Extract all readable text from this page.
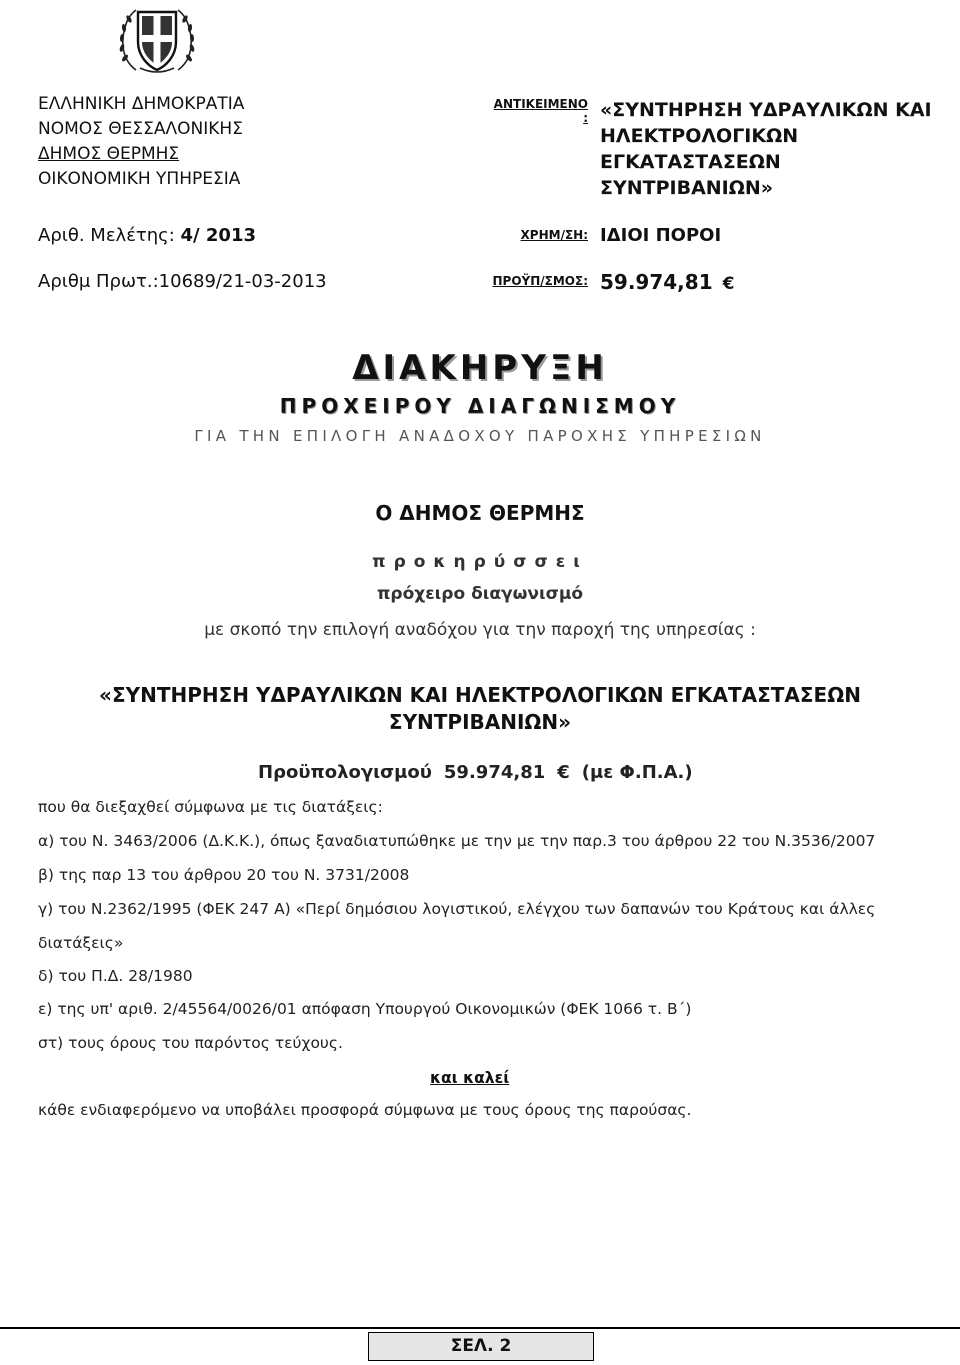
ΕΛΛΗΝΙΚΗ ΔΗΜΟΚΡΑΤΙΑ
ΝΟΜΟΣ ΘΕΣΣΑΛΟΝΙΚΗΣ
ΔΗΜΟΣ ΘΕΡΜΗΣ
ΟΙΚΟΝΟΜΙΚΗ ΥΠΗΡΕΣΙΑ
Αριθ. Μελέτης: 4/ 2013
Αριθμ Πρωτ.:10689/21-03-2013
ΑΝΤΙΚΕΙΜΕΝΟ
:
ΧΡΗΜ/ΣΗ:
ΠΡΟΫΠ/ΣΜΟΣ:
«ΣΥΝΤΗΡΗΣΗ ΥΔΡΑΥΛΙΚΩΝ ΚΑΙ
ΗΛΕΚΤΡΟΛΟΓΙΚΩΝ
ΕΓΚΑΤΑΣΤΑΣΕΩΝ
ΣΥΝΤΡΙΒΑΝΙΩΝ»
ΙΔΙΟΙ ΠΟΡΟΙ
59.974,81 €
ΔΙΑΚΗΡΥΞΗ
ΠΡΟΧΕΙΡΟΥ ΔΙΑΓΩΝΙΣΜΟΥ
ΓΙΑ ΤΗΝ ΕΠΙΛΟΓΗ ΑΝΑΔΟΧΟΥ ΠΑΡΟΧΗΣ ΥΠΗΡΕΣΙΩΝ
Ο ΔΗΜΟΣ ΘΕΡΜΗΣ
προκηρύσσει
πρόχειρο διαγωνισμό
με σκοπό την επιλογή αναδόχου για την παροχή της υπηρεσίας :
«ΣΥΝΤΗΡΗΣΗ ΥΔΡΑΥΛΙΚΩΝ ΚΑΙ ΗΛΕΚΤΡΟΛΟΓΙΚΩΝ ΕΓΚΑΤΑΣΤΑΣΕΩΝ
ΣΥΝΤΡΙΒΑΝΙΩΝ»
Προϋπολογισμού 59.974,81 € (με Φ.Π.Α.)
που θα διεξαχθεί σύμφωνα με τις διατάξεις:
α) του Ν. 3463/2006 (Δ.Κ.Κ.), όπως ξαναδιατυπώθηκε με την με την παρ.3 του άρθρου 22 του Ν.3536/2007
β) της παρ 13 του άρθρου 20 του Ν. 3731/2008
γ) του Ν.2362/1995 (ΦΕΚ 247 Α) «Περί δημόσιου λογιστικού, ελέγχου των δαπανών του Κράτους και άλλες
διατάξεις»
δ) του Π.Δ. 28/1980
ε) της υπ' αριθ. 2/45564/0026/01 απόφαση Υπουργού Οικονομικών (ΦΕΚ 1066 τ. Β΄)
στ) τους όρους του παρόντος τεύχους.
και καλεί
κάθε ενδιαφερόμενο να υποβάλει προσφορά σύμφωνα με τους όρους της παρούσας.
ΣΕΛ. 2
